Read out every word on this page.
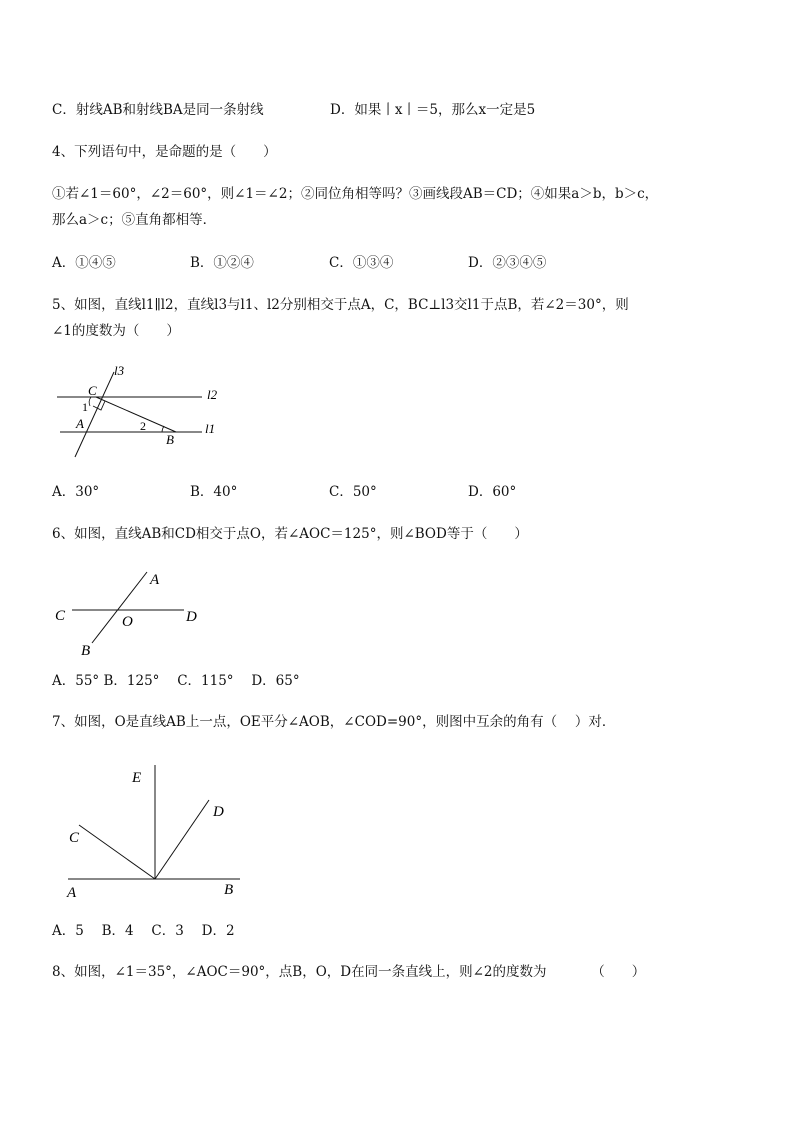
C．射线AB和射线BA是同一条射线	D．如果丨x丨＝5，那么x一定是5
4、下列语句中，是命题的是（　　）
①若∠1＝60°，∠2＝60°，则∠1＝∠2；②同位角相等吗？③画线段AB＝CD；④如果a＞b，b＞c，
那么a＞c；⑤直角都相等．
A．①④⑤	B．①②④	C．①③④	D．②③④⑤
5、如图，直线l1∥l2，直线l3与l1、l2分别相交于点A，C，BC⊥l3交l1于点B，若∠2＝30°，则
∠1的度数为（　　）
l3
l2
l1
C
A
B
1
2
A．30°	B．40°	C．50°	D．60°
6、如图，直线AB和CD相交于点O，若∠AOC＝125°，则∠BOD等于（　　）
A
C	D
O
B
A．55° B．125°　 C．115°　 D．65°
7、如图，O是直线AB上一点，OE平分∠AOB，∠COD=90°，则图中互余的角有（　 ）对．
E
D
C
A	B
A．5　 B．4　 C．3　 D．2
8、如图，∠1＝35°，∠AOC＝90°，点B，O，D在同一条直线上，则∠2的度数为　　　 （　　）
